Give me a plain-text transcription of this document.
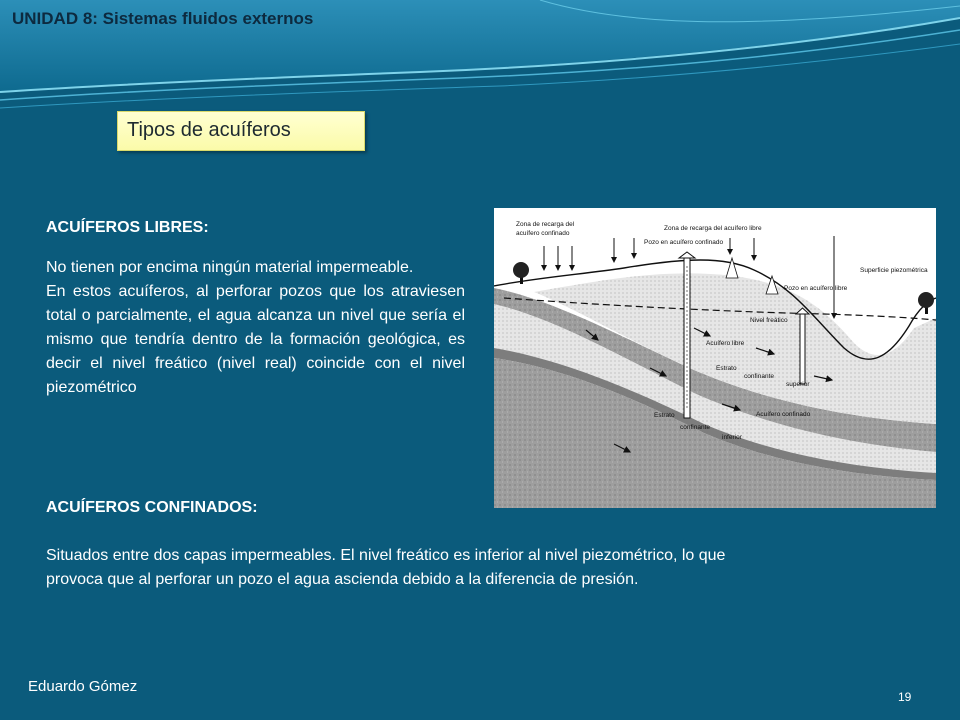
UNIDAD 8: Sistemas fluidos externos
Tipos de acuíferos

ACUÍFEROS LIBRES:

No tienen por encima ningún material impermeable.

En estos acuíferos, al perforar pozos que los atraviesen total o parcialmente, el agua alcanza un nivel que sería el mismo que tendría dentro de la formación geológica, es decir el nivel freático (nivel real) coincide con el nivel piezométrico

Zona de recarga del
acuífero confinado
Zona de recarga del acuífero libre
Pozo en acuífero confinado
Superficie piezométrica
Pozo en acuífero libre
Nivel freático
Acuífero libre
Estrato
confinante
superior
Acuífero confinado
Estrato
confinante
inferior

ACUÍFEROS CONFINADOS:

Situados entre dos capas impermeables. El nivel freático es inferior al nivel piezométrico, lo que provoca que al perforar un pozo el agua ascienda debido a la diferencia de presión.

Eduardo Gómez
19
